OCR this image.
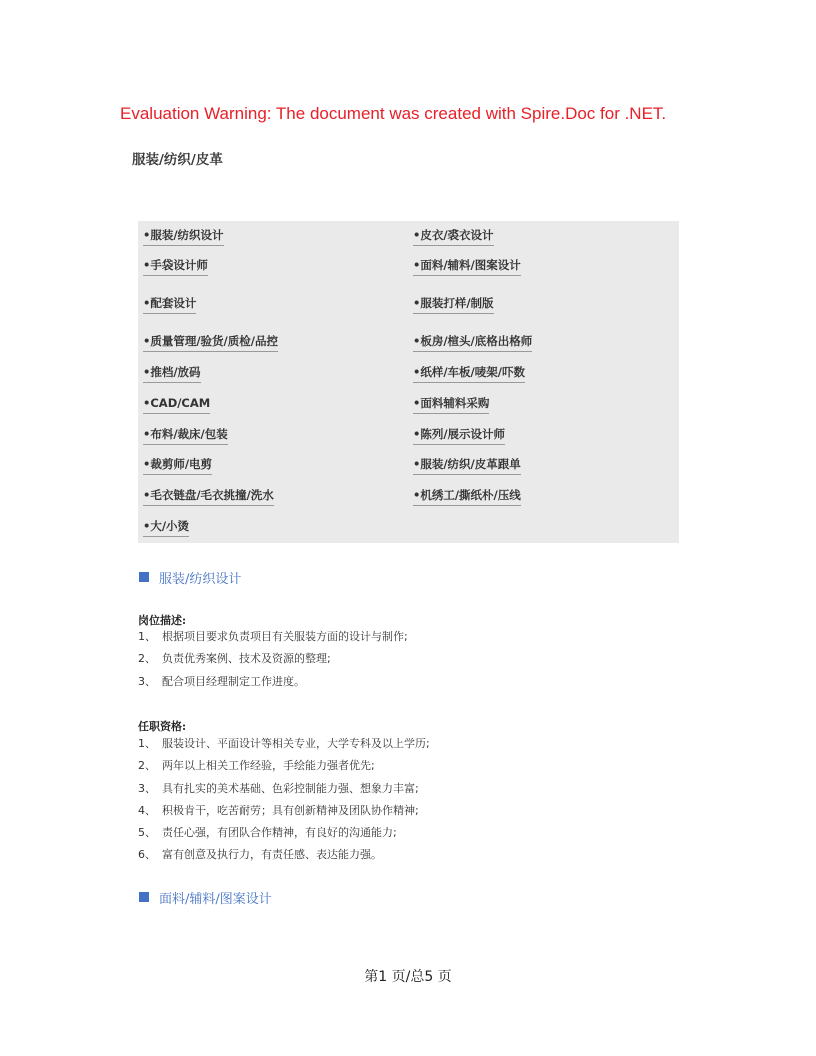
Evaluation Warning: The document was created with Spire.Doc for .NET.
服装/纺织/皮革
•服装/纺织设计	•皮衣/裘衣设计
•手袋设计师	•面料/辅料/图案设计
•配套设计	•服装打样/制版
•质量管理/验货/质检/品控	•板房/楦头/底格出格师
•推档/放码	•纸样/车板/唛架/吓数
•CAD/CAM	•面料辅料采购
•布料/裁床/包装	•陈列/展示设计师
•裁剪师/电剪	•服装/纺织/皮革跟单
•毛衣链盘/毛衣挑撞/洗水	•机绣工/撕纸朴/压线
•大/小烫
服装/纺织设计
岗位描述:
1、 根据项目要求负责项目有关服装方面的设计与制作;
2、 负责优秀案例、技术及资源的整理;
3、 配合项目经理制定工作进度。
任职资格:
1、 服装设计、平面设计等相关专业，大学专科及以上学历;
2、 两年以上相关工作经验，手绘能力强者优先;
3、 具有扎实的美术基础、色彩控制能力强、想象力丰富;
4、 积极肯干，吃苦耐劳；具有创新精神及团队协作精神;
5、 责任心强，有团队合作精神，有良好的沟通能力;
6、 富有创意及执行力，有责任感、表达能力强。
面料/辅料/图案设计
第1 页/总5 页
